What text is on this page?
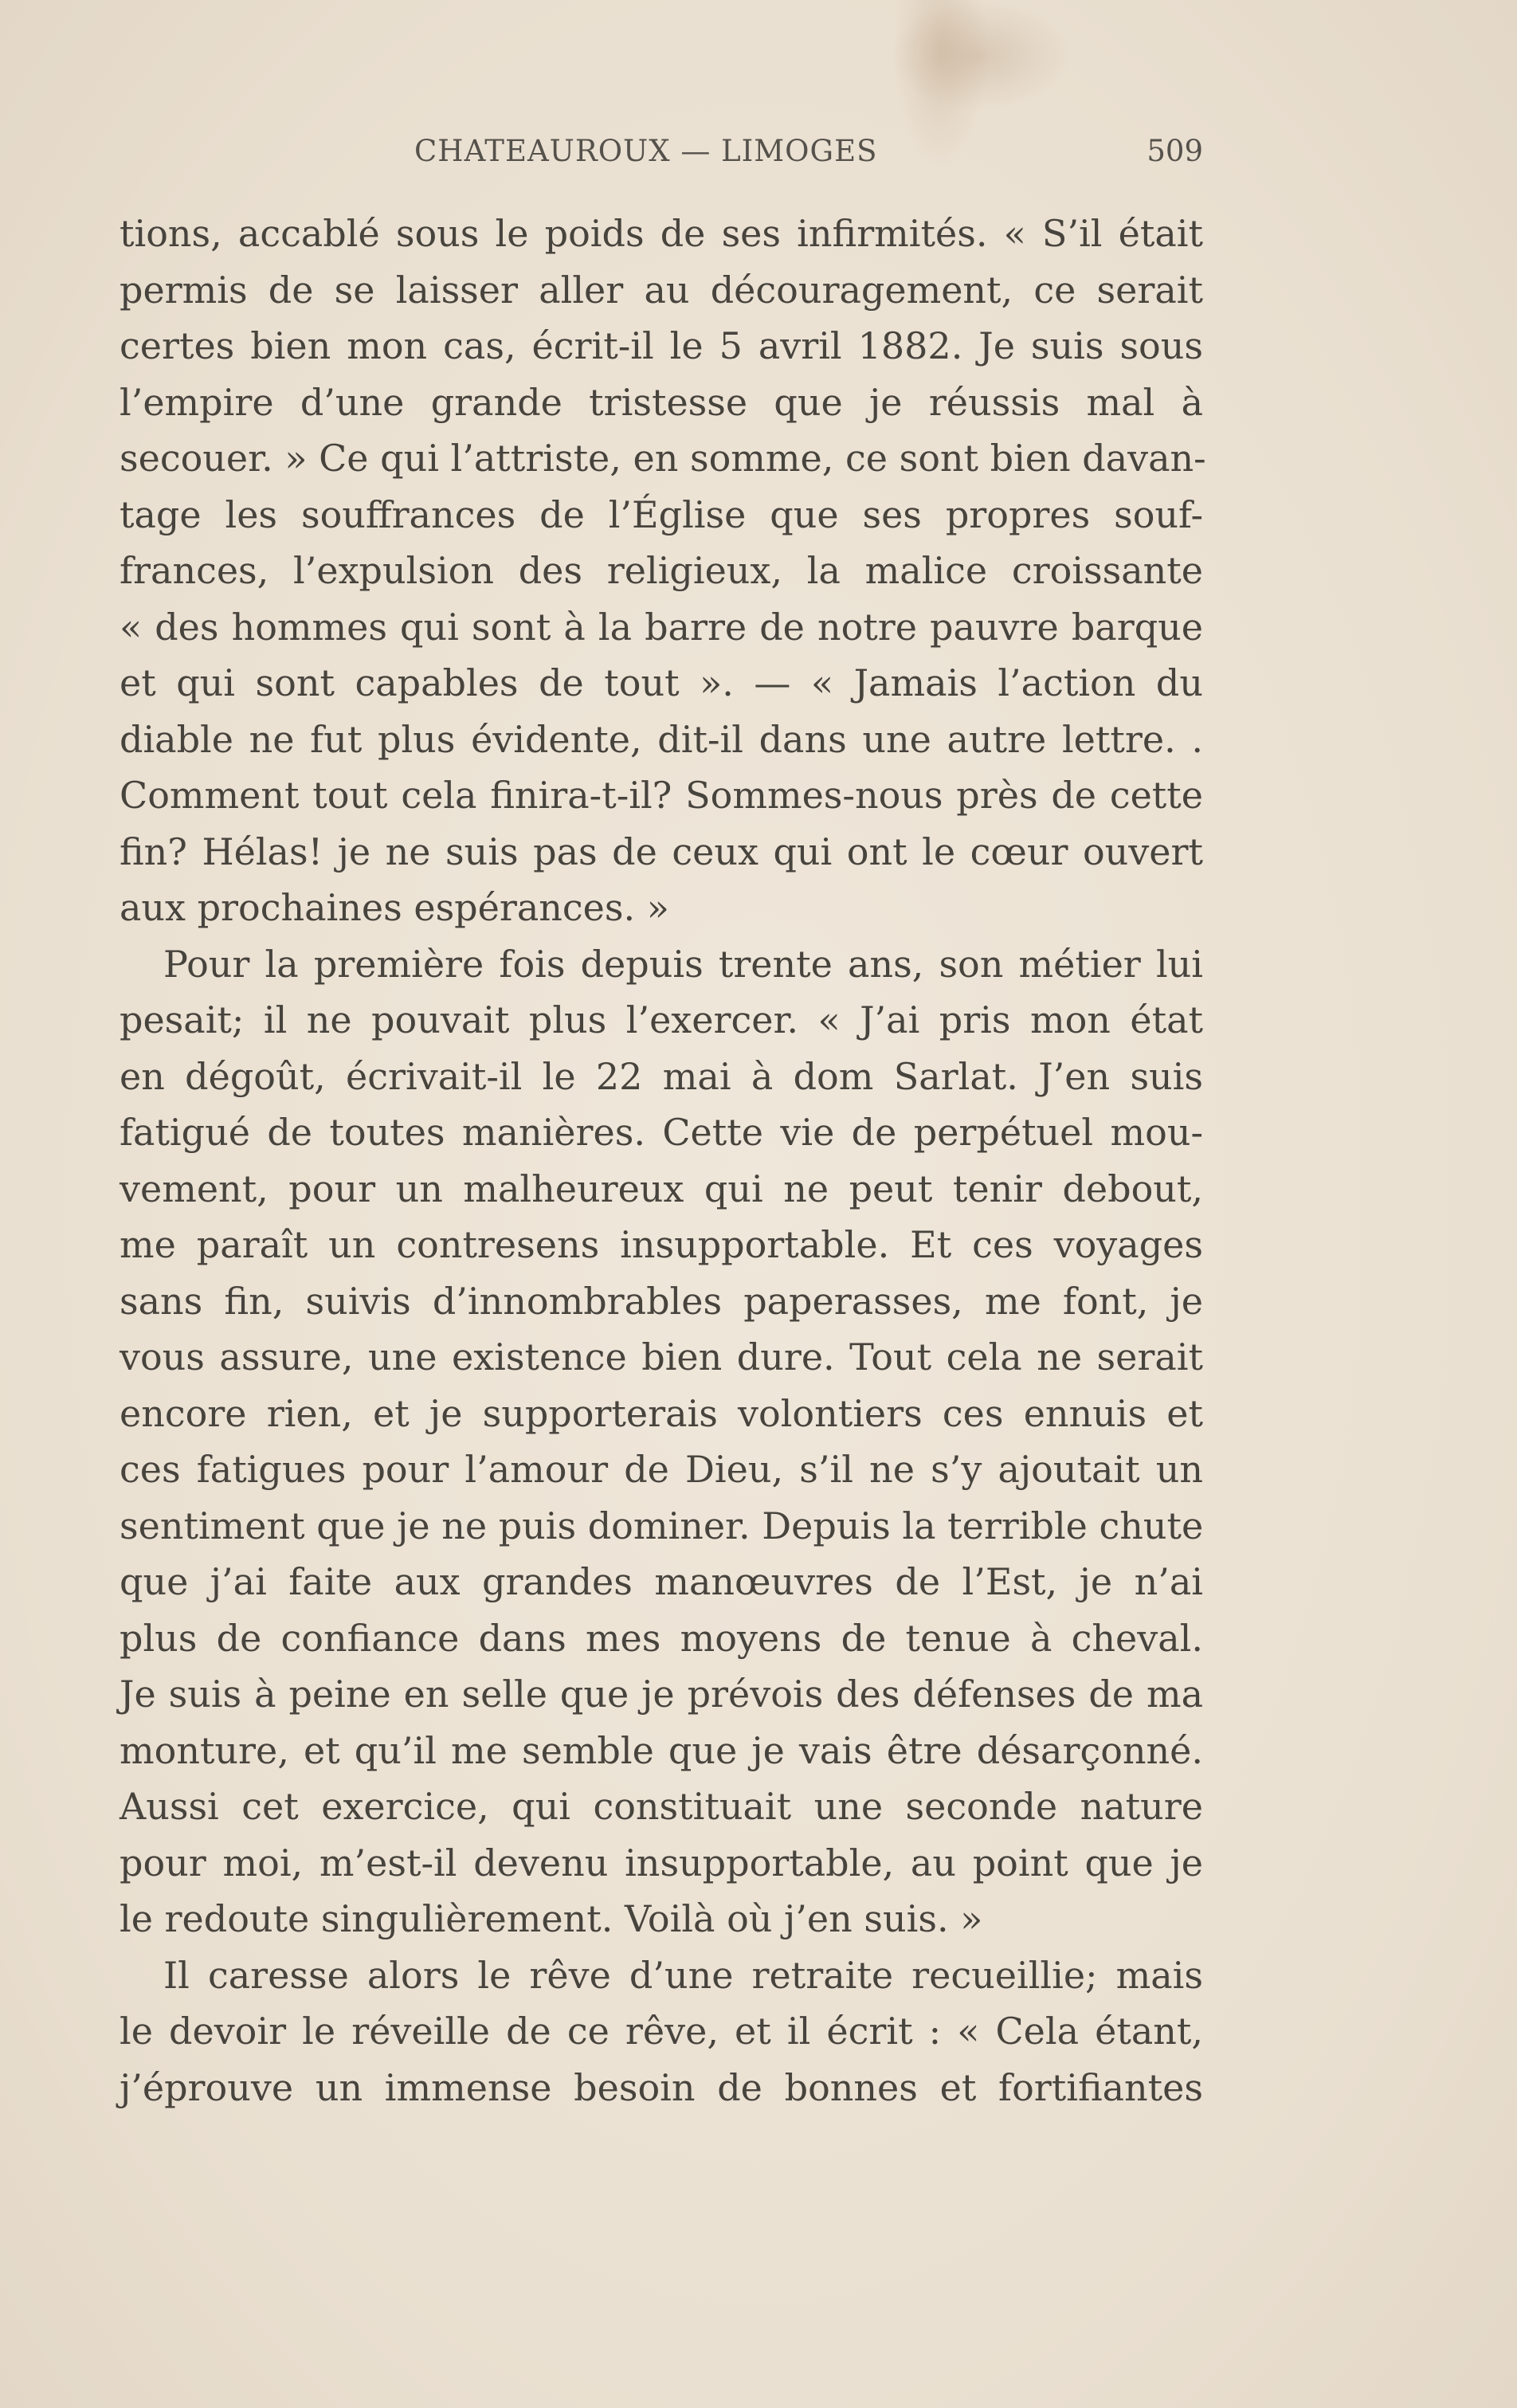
CHATEAUROUX — LIMOGES	509
tions, accablé sous le poids de ses infirmités. « S’il était
permis de se laisser aller au découragement, ce serait
certes bien mon cas, écrit-il le 5 avril 1882. Je suis sous
l’empire d’une grande tristesse que je réussis mal à
secouer. » Ce qui l’attriste, en somme, ce sont bien davan-
tage les souffrances de l’Église que ses propres souf-
frances, l’expulsion des religieux, la malice croissante
« des hommes qui sont à la barre de notre pauvre barque
et qui sont capables de tout ». — « Jamais l’action du
diable ne fut plus évidente, dit-il dans une autre lettre. .
Comment tout cela finira-t-il? Sommes-nous près de cette
fin? Hélas! je ne suis pas de ceux qui ont le cœur ouvert
aux prochaines espérances. »
Pour la première fois depuis trente ans, son métier lui
pesait; il ne pouvait plus l’exercer. « J’ai pris mon état
en dégoût, écrivait-il le 22 mai à dom Sarlat. J’en suis
fatigué de toutes manières. Cette vie de perpétuel mou-
vement, pour un malheureux qui ne peut tenir debout,
me paraît un contresens insupportable. Et ces voyages
sans fin, suivis d’innombrables paperasses, me font, je
vous assure, une existence bien dure. Tout cela ne serait
encore rien, et je supporterais volontiers ces ennuis et
ces fatigues pour l’amour de Dieu, s’il ne s’y ajoutait un
sentiment que je ne puis dominer. Depuis la terrible chute
que j’ai faite aux grandes manœuvres de l’Est, je n’ai
plus de confiance dans mes moyens de tenue à cheval.
Je suis à peine en selle que je prévois des défenses de ma
monture, et qu’il me semble que je vais être désarçonné.
Aussi cet exercice, qui constituait une seconde nature
pour moi, m’est-il devenu insupportable, au point que je
le redoute singulièrement. Voilà où j’en suis. »
Il caresse alors le rêve d’une retraite recueillie; mais
le devoir le réveille de ce rêve, et il écrit : « Cela étant,
j’éprouve un immense besoin de bonnes et fortifiantes
